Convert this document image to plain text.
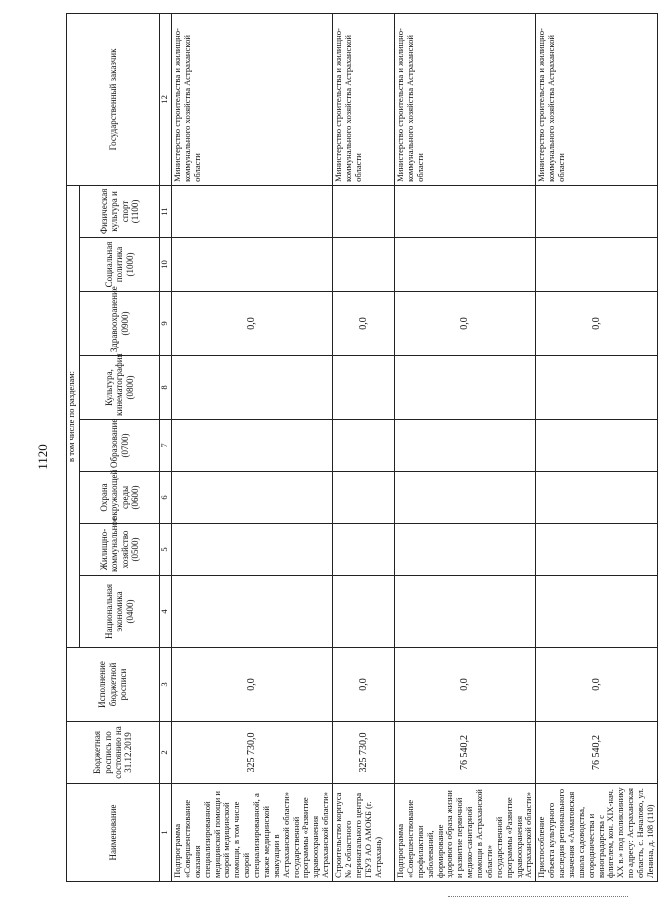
1120
Наименование	Бюджетная роспись по состоянию на 31.12.2019	Исполнение бюджетной росписи	в том числе по разделам:								Государственный заказчик
			Национальная экономика (0400)	Жилищно-коммунальное хозяйство (0500)	Охрана окружающей среды (0600)	Образование (0700)	Культура, кинематография (0800)	Здравоохранение (0900)	Социальная политика (1000)	Физическая культура и спорт (1100)	
1	2	3	4	5	6	7	8	9	10	11	12
Подпрограмма «Совершенствование оказания специализированной медицинской помощи и скорой медицинской помощи, в том числе скорой специализированной, а также медицинской эвакуации в Астраханской области» государственной программы «Развитие здравоохранения Астраханской области»	325 730,0	0,0						0,0			Министерство строительства и жилищно-коммунального хозяйства Астраханской области
Строительство корпуса № 2 областного перинатального центра ГБУЗ АО АМОКБ (г. Астрахань)	325 730,0	0,0						0,0			Министерство строительства и жилищно-коммунального хозяйства Астраханской области
Подпрограмма «Совершенствование профилактики заболеваний, формирование здорового образа жизни и развитие первичной медико-санитарной помощи в Астраханской области» государственной программы «Развитие здравоохранения Астраханской области»	76 540,2	0,0						0,0			Министерство строительства и жилищно-коммунального хозяйства Астраханской области
Приспособление объекта культурного наследия регионального значения «Алматовская школа садоводства, огородничества и виноградарства с флигелем, кон. XIX-нач. XX в.» под поликлинику по адресу: Астраханская область, с. Началово, ул. Ленина, д. 108 (110)	76 540,2	0,0						0,0			Министерство строительства и жилищно-коммунального хозяйства Астраханской области
